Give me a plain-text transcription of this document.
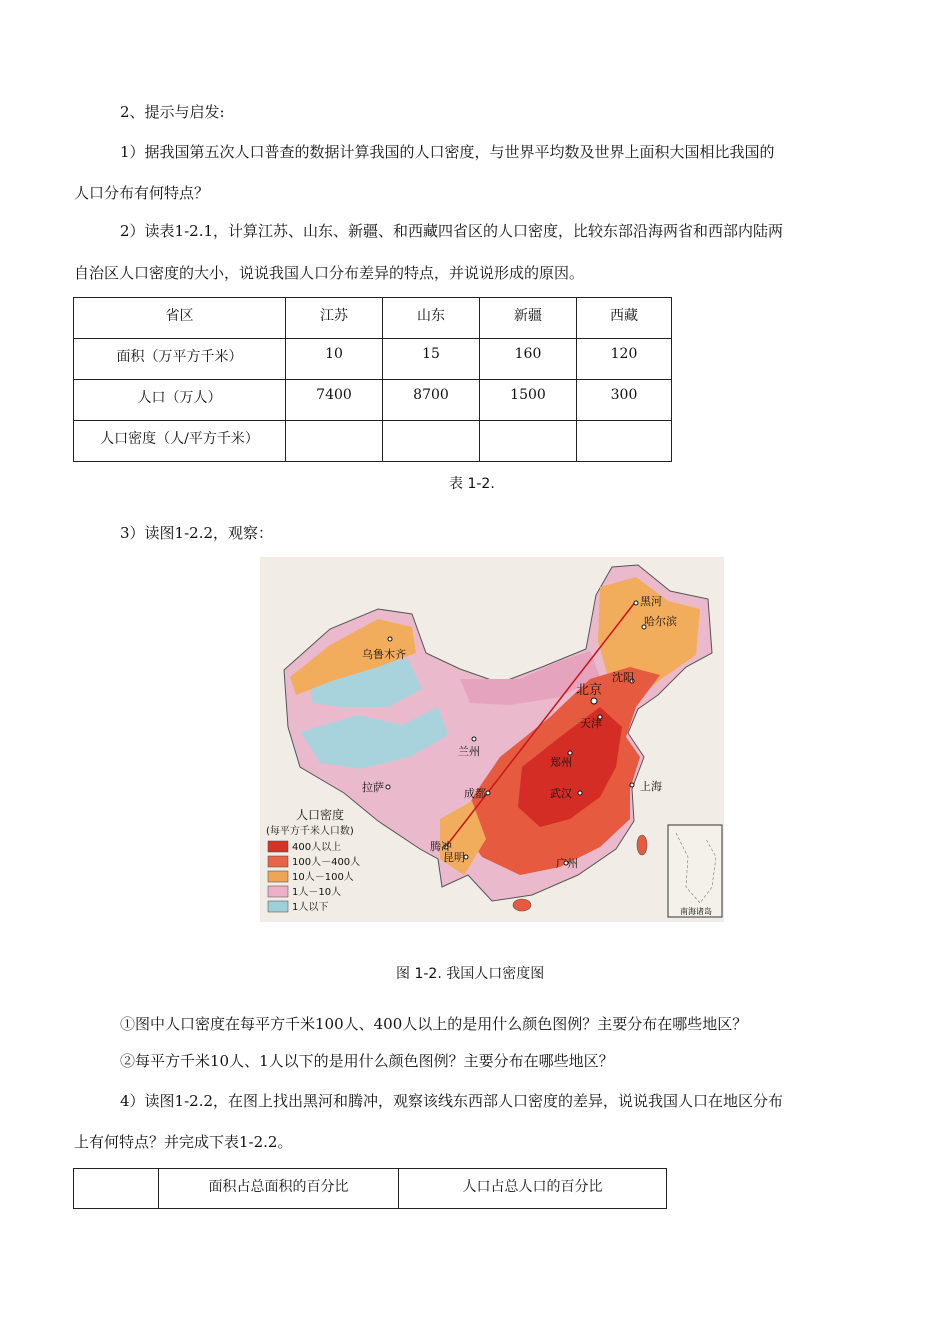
2、提示与启发:
1）据我国第五次人口普查的数据计算我国的人口密度，与世界平均数及世界上面积大国相比我国的
人口分布有何特点？
2）读表1-2.1，计算江苏、山东、新疆、和西藏四省区的人口密度，比较东部沿海两省和西部内陆两
自治区人口密度的大小，说说我国人口分布差异的特点，并说说形成的原因。
省区	江苏	山东	新疆	西藏
面积（万平方千米）	10	15	160	120
人口（万人）	7400	8700	1500	300
人口密度（人/平方千米）				
表 1-2.
3）读图1-2.2，观察：
黑河
哈尔滨
乌鲁木齐
北京
沈阳
天津
兰州
郑州
上海
拉萨	成都	武汉
腾冲
昆明	广州
人口密度
(每平方千米人口数)
400人以上
100人－400人
10人－100人
1人－10人
1人以下	南海诸岛
图 1-2. 我国人口密度图
①图中人口密度在每平方千米100人、400人以上的是用什么颜色图例？主要分布在哪些地区？
②每平方千米10人、1人以下的是用什么颜色图例？主要分布在哪些地区？
4）读图1-2.2，在图上找出黑河和腾冲，观察该线东西部人口密度的差异，说说我国人口在地区分布
上有何特点？并完成下表1-2.2。
	面积占总面积的百分比	人口占总人口的百分比
